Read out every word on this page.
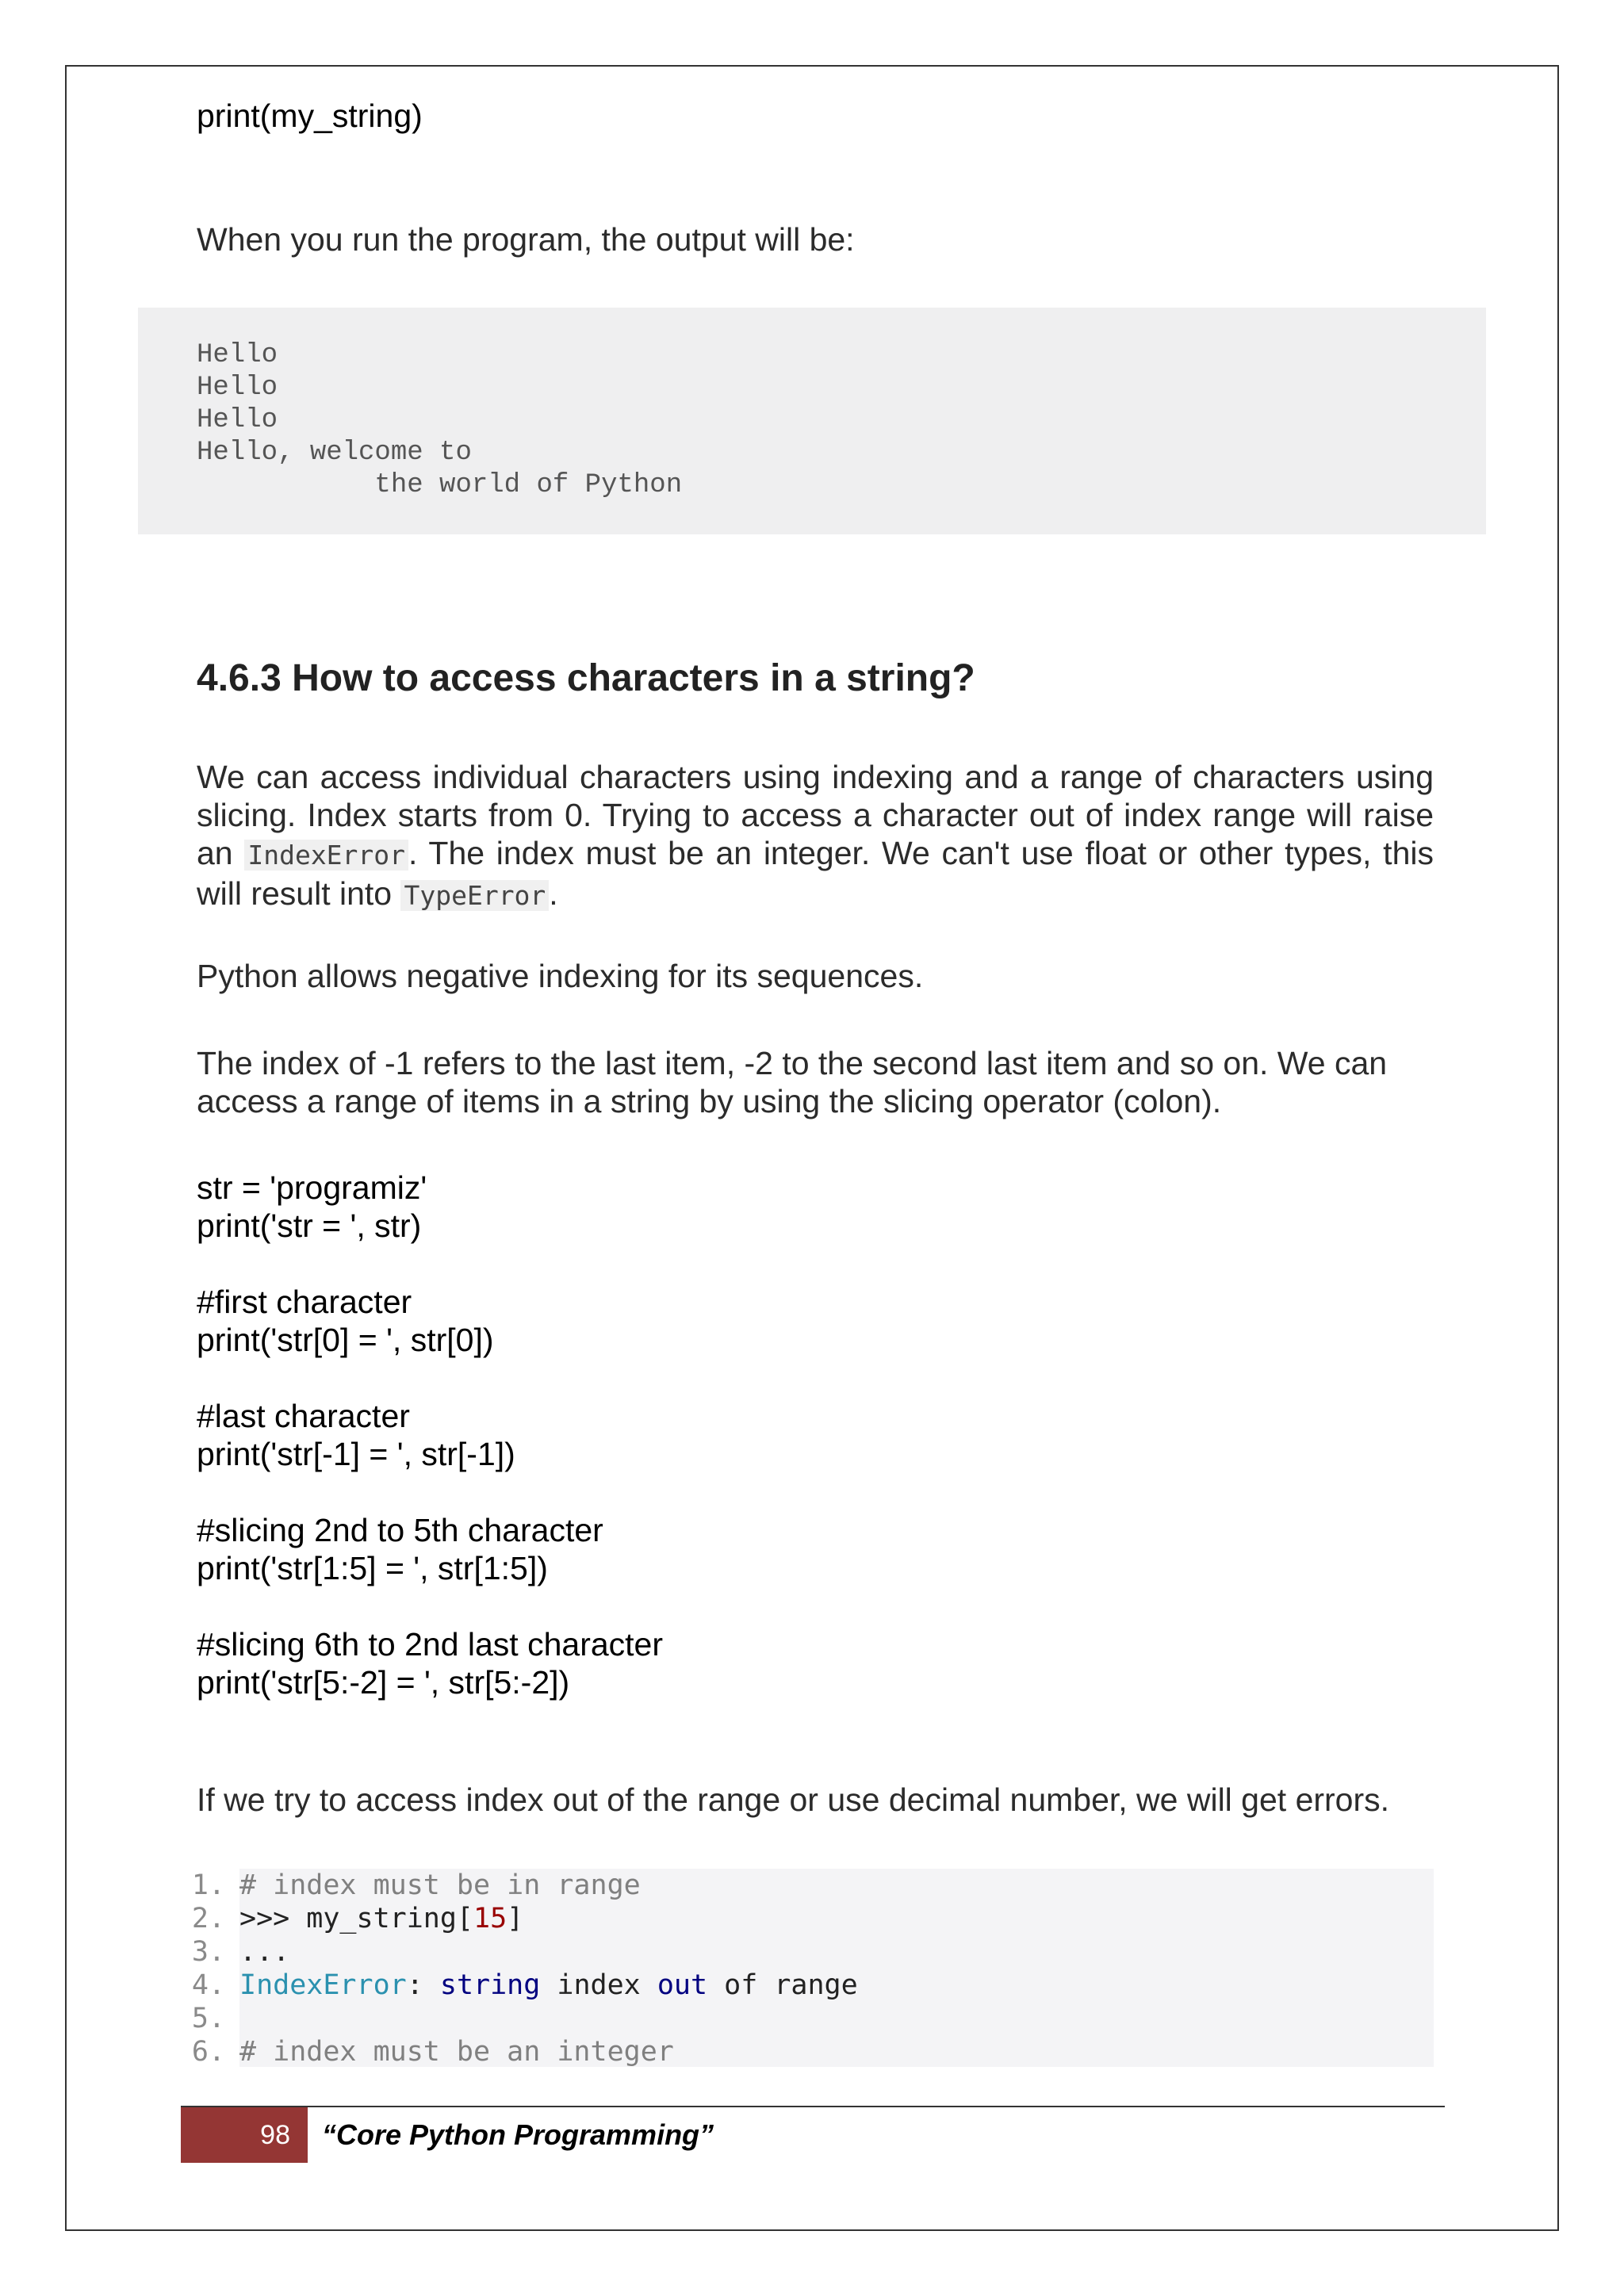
print(my_string)

When you run the program, the output will be:

Hello
Hello
Hello
Hello, welcome to
the world of Python
4.6.3 How to access characters in a string?

We can access individual characters using indexing and a range of characters using slicing. Index starts from 0. Trying to access a character out of index range will raise an IndexError. The index must be an integer. We can't use float or other types, this will result into TypeError.

Python allows negative indexing for its sequences.

The index of -1 refers to the last item, -2 to the second last item and so on. We can access a range of items in a string by using the slicing operator (colon).

str = 'programiz'
print('str = ', str)
#first character
print('str[0] = ', str[0])
#last character
print('str[-1] = ', str[-1])
#slicing 2nd to 5th character
print('str[1:5] = ', str[1:5])
#slicing 6th to 2nd last character
print('str[5:-2] = ', str[5:-2])

If we try to access index out of the range or use decimal number, we will get errors.

1. # index must be in range
2. >>> my_string[15]
3. ...
4. IndexError: string index out of range
5.
6. # index must be an integer
98	“Core Python Programming”
